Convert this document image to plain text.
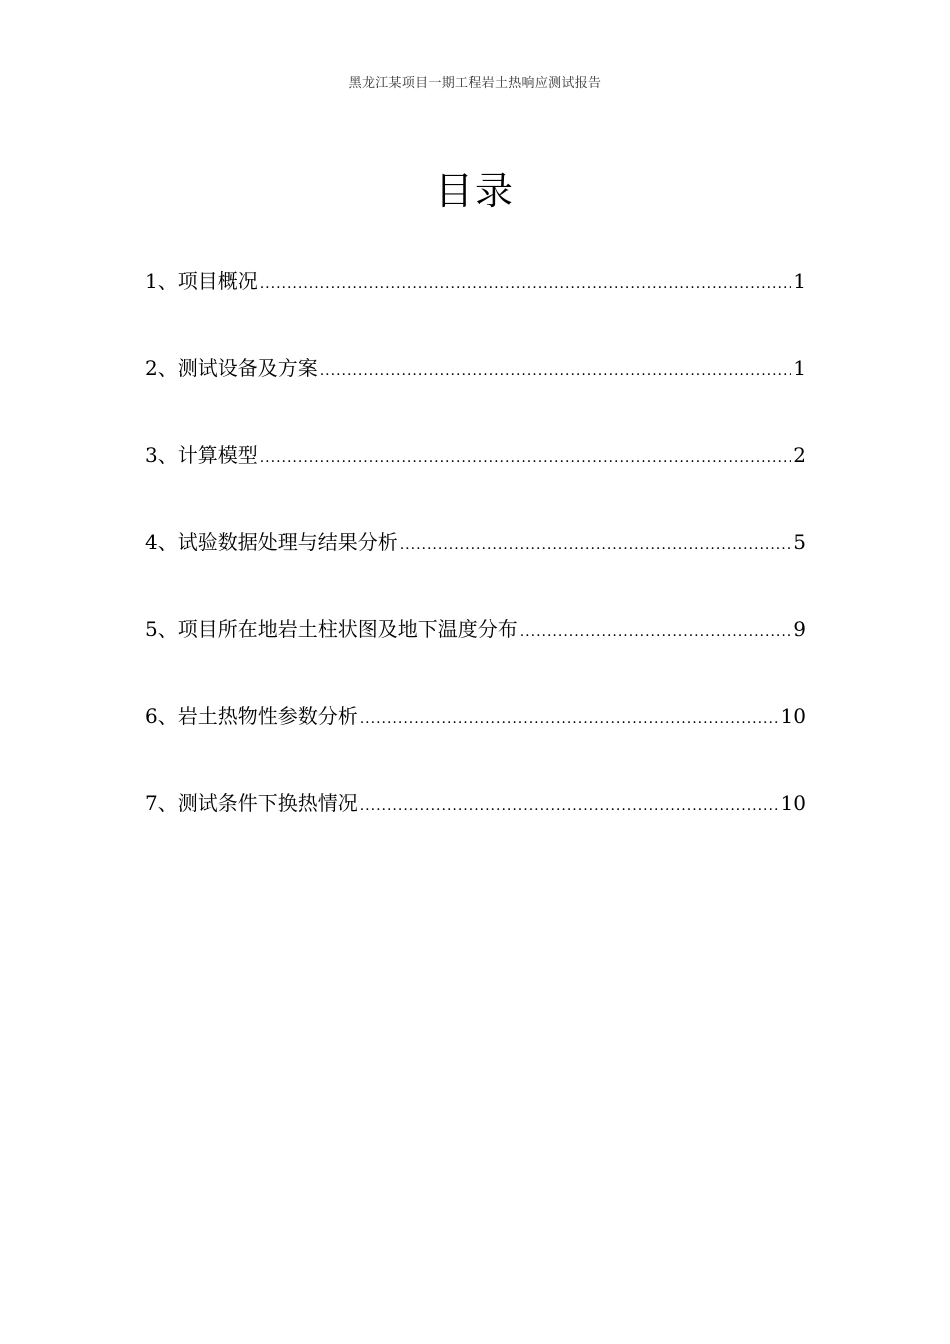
黑龙江某项目一期工程岩土热响应测试报告
目录
1、 项目概况 .....	1
2、 测试设备及方案 .....	1
3、 计算模型 .....	2
4、 试验数据处理与结果分析 .....	5
5、 项目所在地岩土柱状图及地下温度分布 .....	9
6、 岩土热物性参数分析 .....	10
7、 测试条件下换热情况 .....	10
